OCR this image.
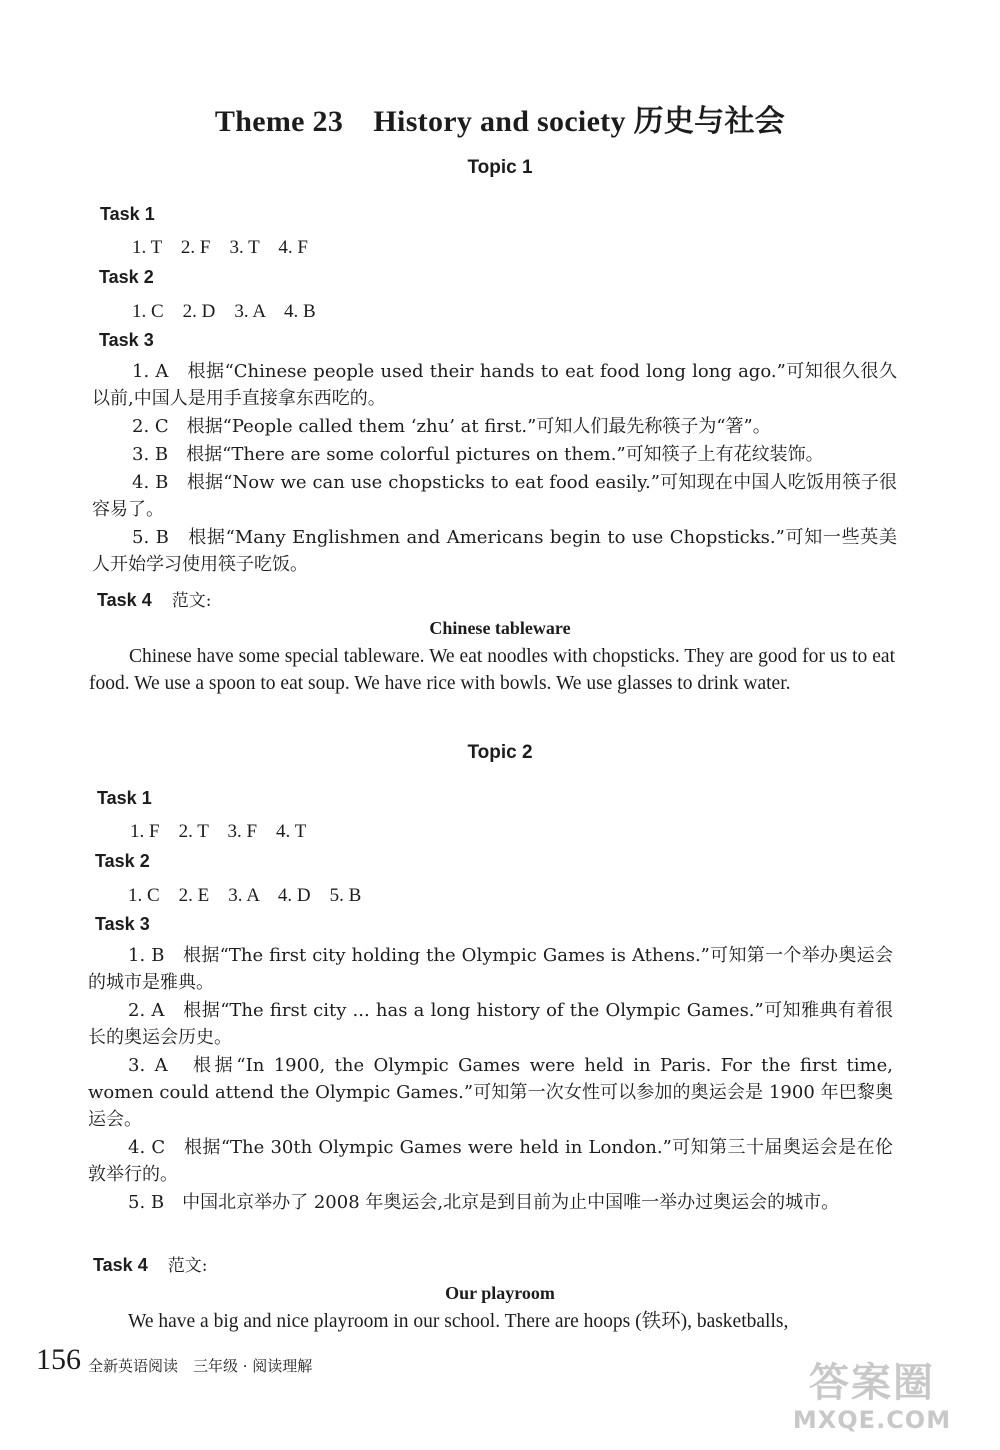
Theme 23　History and society 历史与社会
Topic 1
Task 1
1. T　2. F　3. T　4. F
Task 2
1. C　2. D　3. A　4. B
Task 3
1. A　根据“Chinese people used their hands to eat food long long ago.”可知很久很久以前,中国人是用手直接拿东西吃的。
2. C　根据“People called them ‘zhu’ at first.”可知人们最先称筷子为“箸”。
3. B　根据“There are some colorful pictures on them.”可知筷子上有花纹装饰。
4. B　根据“Now we can use chopsticks to eat food easily.”可知现在中国人吃饭用筷子很容易了。
5. B　根据“Many Englishmen and Americans begin to use Chopsticks.”可知一些英美人开始学习使用筷子吃饭。
Task 4 范文:
Chinese tableware
Chinese have some special tableware. We eat noodles with chopsticks. They are good for us to eat food. We use a spoon to eat soup. We have rice with bowls. We use glasses to drink water.
Topic 2
Task 1
1. F　2. T　3. F　4. T
Task 2
1. C　2. E　3. A　4. D　5. B
Task 3
1. B　根据“The first city holding the Olympic Games is Athens.”可知第一个举办奥运会的城市是雅典。
2. A　根据“The first city ... has a long history of the Olympic Games.”可知雅典有着很长的奥运会历史。
3. A　根据“In 1900, the Olympic Games were held in Paris. For the first time, women could attend the Olympic Games.”可知第一次女性可以参加的奥运会是 1900 年巴黎奥运会。
4. C　根据“The 30th Olympic Games were held in London.”可知第三十届奥运会是在伦敦举行的。
5. B　中国北京举办了 2008 年奥运会,北京是到目前为止中国唯一举办过奥运会的城市。
Task 4 范文:
Our playroom
We have a big and nice playroom in our school. There are hoops (铁环), basketballs,
156 全新英语阅读　三年级 · 阅读理解	答案圈
MXQE.COM
